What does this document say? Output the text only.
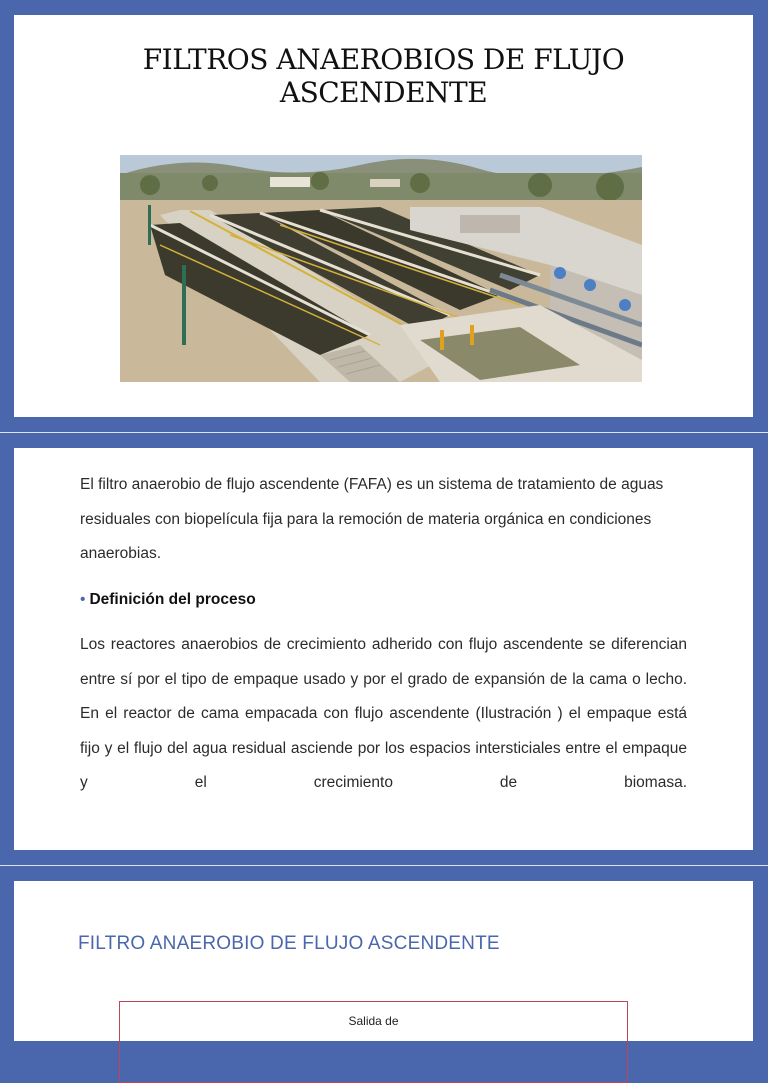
FILTROS ANAEROBIOS DE FLUJO
ASCENDENTE
El filtro anaerobio de flujo ascendente (FAFA) es un sistema de tratamiento de aguas residuales con biopelícula fija para la remoción de materia orgánica en condiciones anaerobias.
• Definición del proceso
Los reactores anaerobios de crecimiento adherido con flujo ascendente se diferencian entre sí por el tipo de empaque usado y por el grado de expansión de la cama o lecho. En el reactor de cama empacada con flujo ascendente (Ilustración ) el empaque está fijo y el flujo del agua residual asciende por los espacios intersticiales entre el empaque y el crecimiento de biomasa.
FILTRO ANAEROBIO DE FLUJO ASCENDENTE
Salida de
